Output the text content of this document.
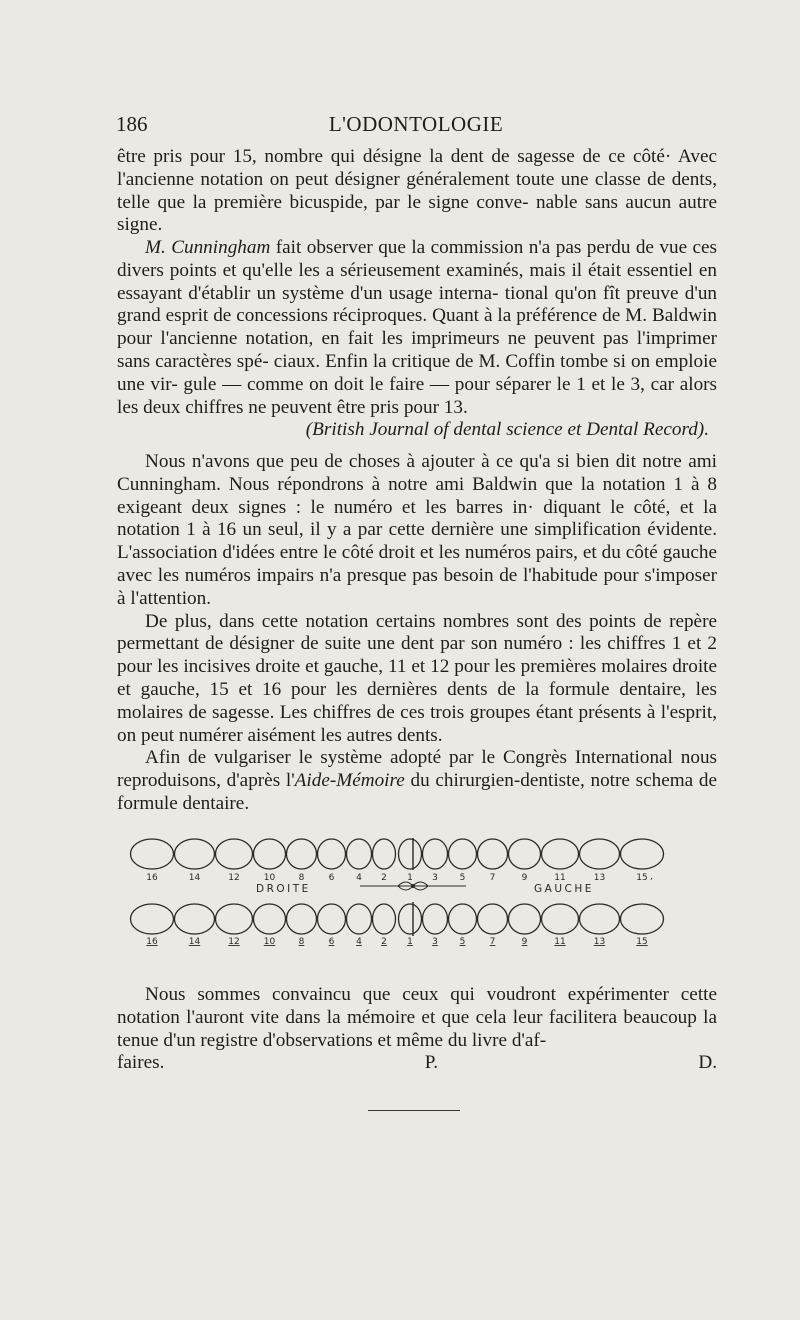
186	L'ODONTOLOGIE

être pris pour 15, nombre qui désigne la dent de sagesse de ce côté· Avec l'ancienne notation on peut désigner généralement toute une classe de dents, telle que la première bicuspide, par le signe conve- nable sans aucun autre signe.

M. Cunningham fait observer que la commission n'a pas perdu de vue ces divers points et qu'elle les a sérieusement examinés, mais il était essentiel en essayant d'établir un système d'un usage interna- tional qu'on fît preuve d'un grand esprit de concessions réciproques. Quant à la préférence de M. Baldwin pour l'ancienne notation, en fait les imprimeurs ne peuvent pas l'imprimer sans caractères spé- ciaux. Enfin la critique de M. Coffin tombe si on emploie une vir- gule — comme on doit le faire — pour séparer le 1 et le 3, car alors les deux chiffres ne peuvent être pris pour 13.

(British Journal of dental science et Dental Record).

Nous n'avons que peu de choses à ajouter à ce qu'a si bien dit notre ami Cunningham. Nous répondrons à notre ami Baldwin que la notation 1 à 8 exigeant deux signes : le numéro et les barres in· diquant le côté, et la notation 1 à 16 un seul, il y a par cette dernière une simplification évidente. L'association d'idées entre le côté droit et les numéros pairs, et du côté gauche avec les numéros impairs n'a presque pas besoin de l'habitude pour s'imposer à l'attention.

De plus, dans cette notation certains nombres sont des points de repère permettant de désigner de suite une dent par son numéro : les chiffres 1 et 2 pour les incisives droite et gauche, 11 et 12 pour les premières molaires droite et gauche, 15 et 16 pour les dernières dents de la formule dentaire, les molaires de sagesse. Les chiffres de ces trois groupes étant présents à l'esprit, on peut numérer aisément les autres dents.

Afin de vulgariser le système adopté par le Congrès International nous reproduisons, d'après l'Aide-Mémoire du chirurgien-dentiste, notre schema de formule dentaire.

DROITE	GAUCHE
,
16	14	12	10	8	6 4 2 1 3 5	7	9	11	13	15
16	14	12	10	8	6 4 2 1 3 5	7	9	11	13	15

Nous sommes convaincu que ceux qui voudront expérimenter cette notation l'auront vite dans la mémoire et que cela leur facilitera beaucoup la tenue d'un registre d'observations et même du livre d'af-

faires.	P. D.
